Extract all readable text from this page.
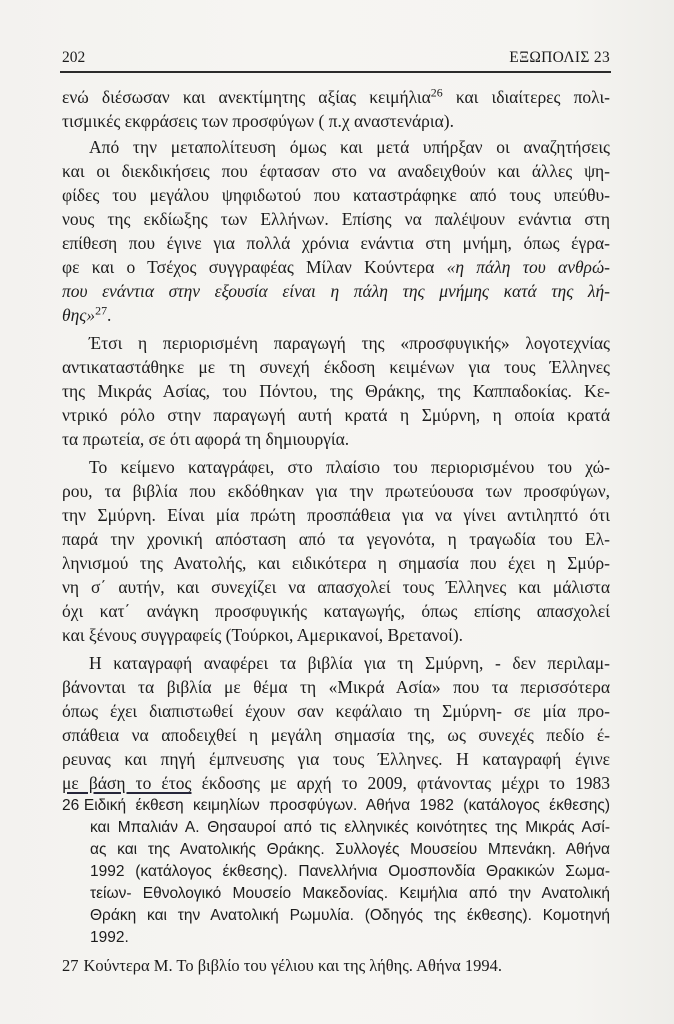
202	ΕΞΩΠΟΛΙΣ 23
ενώ διέσωσαν και ανεκτίμητης αξίας κειμήλια$^{26}$ και ιδιαίτερες πολι-
τισμικές εκφράσεις των προσφύγων ( π.χ αναστενάρια).
Από την μεταπολίτευση όμως και μετά υπήρξαν οι αναζητήσεις
και οι διεκδικήσεις που έφτασαν στο να αναδειχθούν και άλλες ψη-
φίδες του μεγάλου ψηφιδωτού που καταστράφηκε από τους υπεύθυ-
νους της εκδίωξης των Ελλήνων. Επίσης να παλέψουν ενάντια στη
επίθεση που έγινε για πολλά χρόνια ενάντια στη μνήμη, όπως έγρα-
φε και ο Τσέχος συγγραφέας Μίλαν Κούντερα «η πάλη του ανθρώ-
που ενάντια στην εξουσία είναι η πάλη της μνήμης κατά της λή-
θης»$^{27}$.
Έτσι η περιορισμένη παραγωγή της «προσφυγικής» λογοτεχνίας
αντικαταστάθηκε με τη συνεχή έκδοση κειμένων για τους Έλληνες
της Μικράς Ασίας, του Πόντου, της Θράκης, της Καππαδοκίας. Κε-
ντρικό ρόλο στην παραγωγή αυτή κρατά η Σμύρνη, η οποία κρατά
τα πρωτεία, σε ότι αφορά τη δημιουργία.
Το κείμενο καταγράφει, στο πλαίσιο του περιορισμένου του χώ-
ρου, τα βιβλία που εκδόθηκαν για την πρωτεύουσα των προσφύγων,
την Σμύρνη. Είναι μία πρώτη προσπάθεια για να γίνει αντιληπτό ότι
παρά την χρονική απόσταση από τα γεγονότα, η τραγωδία του Ελ-
ληνισμού της Ανατολής, και ειδικότερα η σημασία που έχει η Σμύρ-
νη σ΄ αυτήν, και συνεχίζει να απασχολεί τους Έλληνες και μάλιστα
όχι κατ΄ ανάγκη προσφυγικής καταγωγής, όπως επίσης απασχολεί
και ξένους συγγραφείς (Τούρκοι, Αμερικανοί, Βρετανοί).
Η καταγραφή αναφέρει τα βιβλία για τη Σμύρνη, - δεν περιλαμ-
βάνονται τα βιβλία με θέμα τη «Μικρά Ασία» που τα περισσότερα
όπως έχει διαπιστωθεί έχουν σαν κεφάλαιο τη Σμύρνη- σε μία προ-
σπάθεια να αποδειχθεί η μεγάλη σημασία της, ως συνεχές πεδίο έ-
ρευνας και πηγή έμπνευσης για τους Έλληνες. Η καταγραφή έγινε
με βάση το έτος έκδοσης με αρχή το 2009, φτάνοντας μέχρι το 1983
26 Ειδική έκθεση κειμηλίων προσφύγων. Αθήνα 1982 (κατάλογος έκθεσης)
και Μπαλιάν Α. Θησαυροί από τις ελληνικές κοινότητες της Μικράς Ασί-
ας και της Ανατολικής Θράκης. Συλλογές Μουσείου Μπενάκη. Αθήνα
1992 (κατάλογος έκθεσης). Πανελλήνια Ομοσπονδία Θρακικών Σωμα-
τείων- Εθνολογικό Μουσείο Μακεδονίας. Κειμήλια από την Ανατολική
Θράκη και την Ανατολική Ρωμυλία. (Οδηγός της έκθεσης). Κομοτηνή
1992.
27 Κούντερα Μ. Το βιβλίο του γέλιου και της λήθης. Αθήνα 1994.
